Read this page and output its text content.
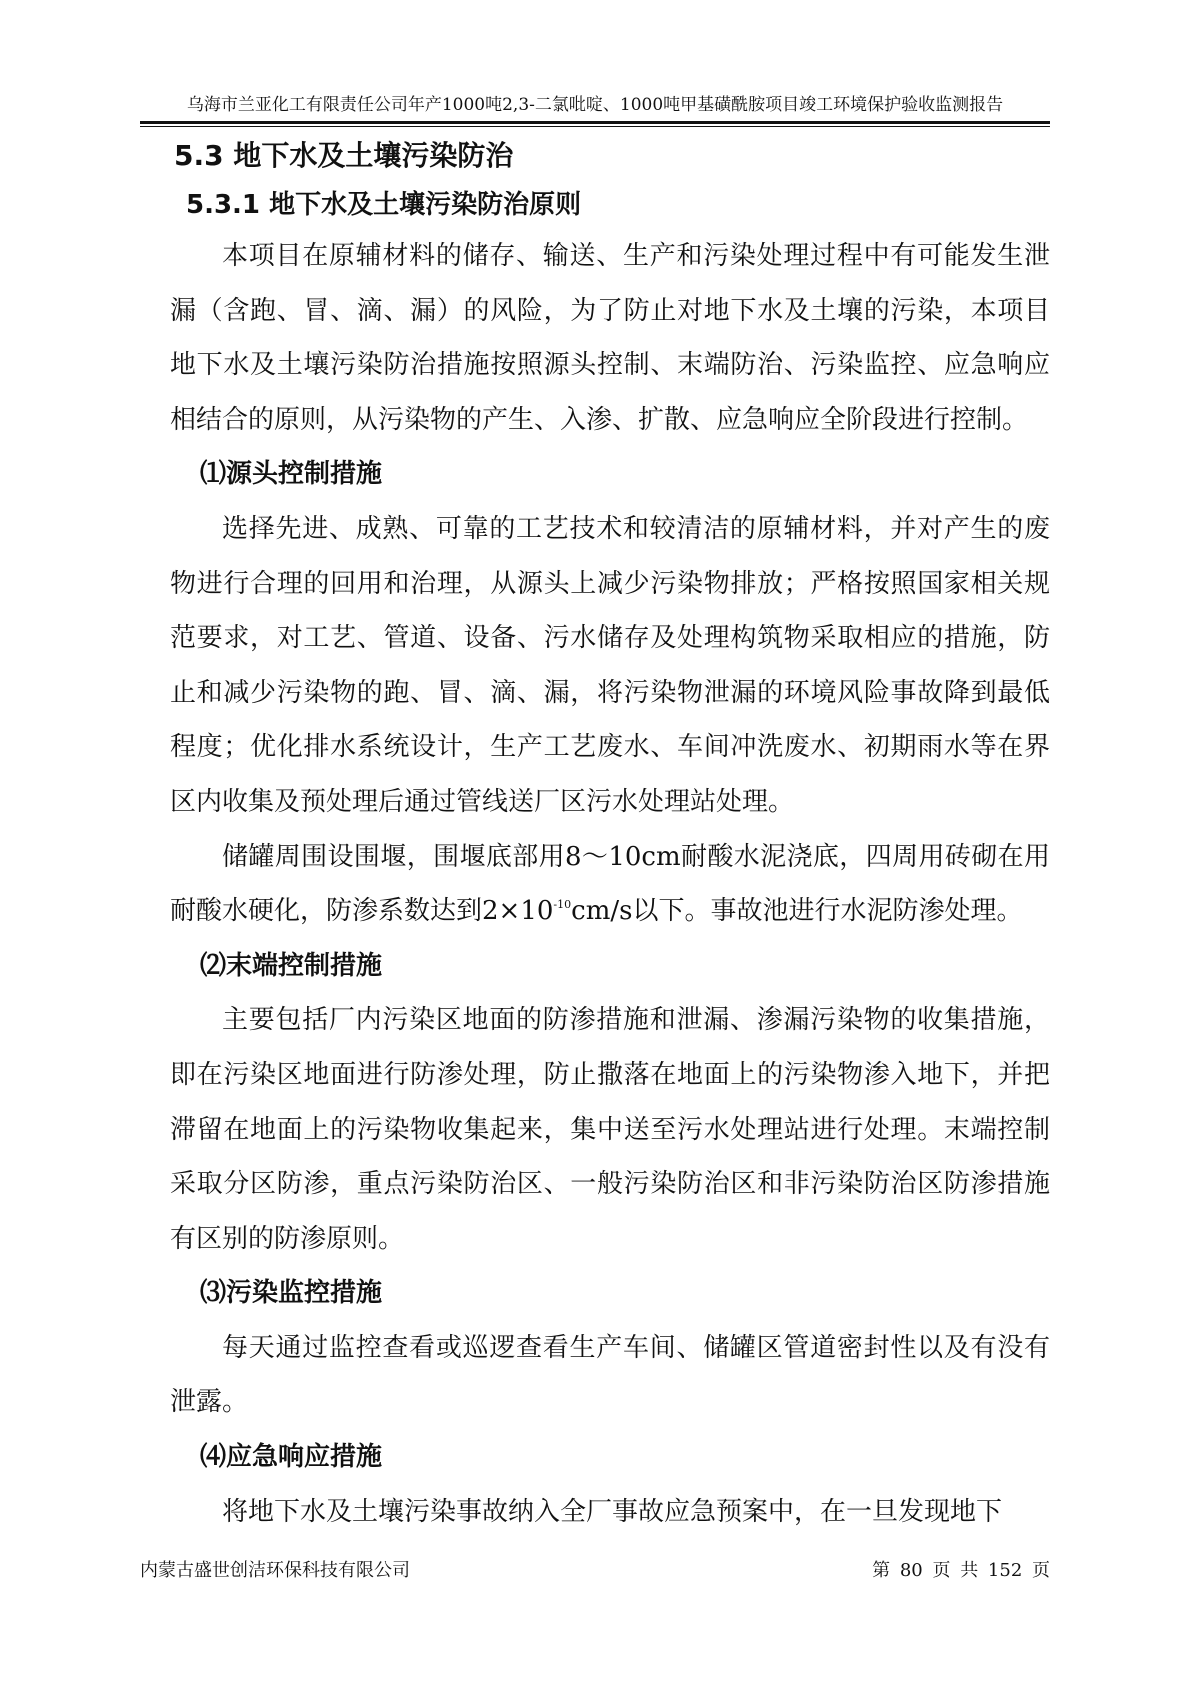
乌海市兰亚化工有限责任公司年产1000吨2,3-二氯吡啶、1000吨甲基磺酰胺项目竣工环境保护验收监测报告
5.3 地下水及土壤污染防治
5.3.1 地下水及土壤污染防治原则

本项目在原辅材料的储存、输送、生产和污染处理过程中有可能发生泄漏（含跑、冒、滴、漏）的风险，为了防止对地下水及土壤的污染，本项目地下水及土壤污染防治措施按照源头控制、末端防治、污染监控、应急响应相结合的原则，从污染物的产生、入渗、扩散、应急响应全阶段进行控制。

⑴源头控制措施

选择先进、成熟、可靠的工艺技术和较清洁的原辅材料，并对产生的废物进行合理的回用和治理，从源头上减少污染物排放；严格按照国家相关规范要求，对工艺、管道、设备、污水储存及处理构筑物采取相应的措施，防止和减少污染物的跑、冒、滴、漏，将污染物泄漏的环境风险事故降到最低程度；优化排水系统设计，生产工艺废水、车间冲洗废水、初期雨水等在界区内收集及预处理后通过管线送厂区污水处理站处理。

储罐周围设围堰，围堰底部用8～10cm耐酸水泥浇底，四周用砖砌在用耐酸水硬化，防渗系数达到$2\times 10^{-10}cm/s$以下。事故池进行水泥防渗处理。

⑵末端控制措施

主要包括厂内污染区地面的防渗措施和泄漏、渗漏污染物的收集措施，即在污染区地面进行防渗处理，防止撒落在地面上的污染物渗入地下，并把滞留在地面上的污染物收集起来，集中送至污水处理站进行处理。末端控制采取分区防渗，重点污染防治区、一般污染防治区和非污染防治区防渗措施有区别的防渗原则。

⑶污染监控措施

每天通过监控查看或巡逻查看生产车间、储罐区管道密封性以及有没有泄露。

⑷应急响应措施

将地下水及土壤污染事故纳入全厂事故应急预案中，在一旦发现地下

内蒙古盛世创洁环保科技有限公司	第 80 页 共 152 页
